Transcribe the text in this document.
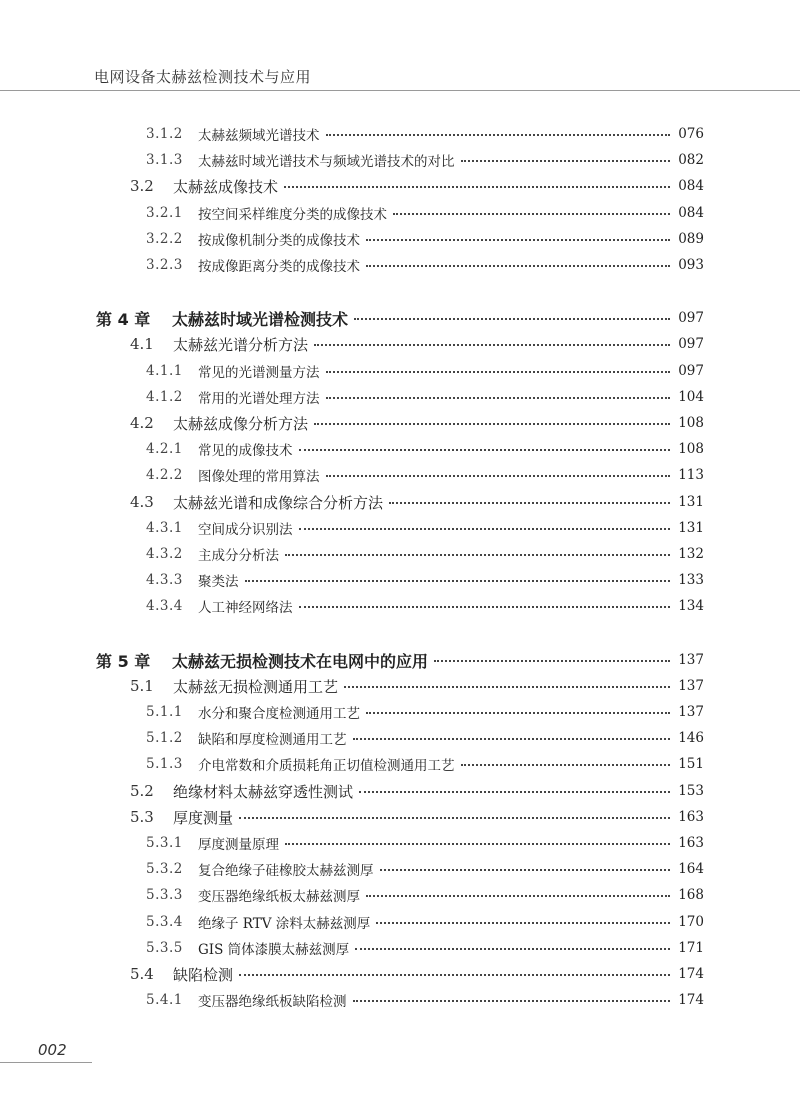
电网设备太赫兹检测技术与应用
3.1.2	太赫兹频域光谱技术	076
3.1.3	太赫兹时域光谱技术与频域光谱技术的对比	082
3.2	太赫兹成像技术	084
3.2.1	按空间采样维度分类的成像技术	084
3.2.2	按成像机制分类的成像技术	089
3.2.3	按成像距离分类的成像技术	093
第 4 章	太赫兹时域光谱检测技术	097
4.1	太赫兹光谱分析方法	097
4.1.1	常见的光谱测量方法	097
4.1.2	常用的光谱处理方法	104
4.2	太赫兹成像分析方法	108
4.2.1	常见的成像技术	108
4.2.2	图像处理的常用算法	113
4.3	太赫兹光谱和成像综合分析方法	131
4.3.1	空间成分识别法	131
4.3.2	主成分分析法	132
4.3.3	聚类法	133
4.3.4	人工神经网络法	134
第 5 章	太赫兹无损检测技术在电网中的应用	137
5.1	太赫兹无损检测通用工艺	137
5.1.1	水分和聚合度检测通用工艺	137
5.1.2	缺陷和厚度检测通用工艺	146
5.1.3	介电常数和介质损耗角正切值检测通用工艺	151
5.2	绝缘材料太赫兹穿透性测试	153
5.3	厚度测量	163
5.3.1	厚度测量原理	163
5.3.2	复合绝缘子硅橡胶太赫兹测厚	164
5.3.3	变压器绝缘纸板太赫兹测厚	168
5.3.4	绝缘子 RTV 涂料太赫兹测厚	170
5.3.5	GIS 筒体漆膜太赫兹测厚	171
5.4	缺陷检测	174
5.4.1	变压器绝缘纸板缺陷检测	174
002
